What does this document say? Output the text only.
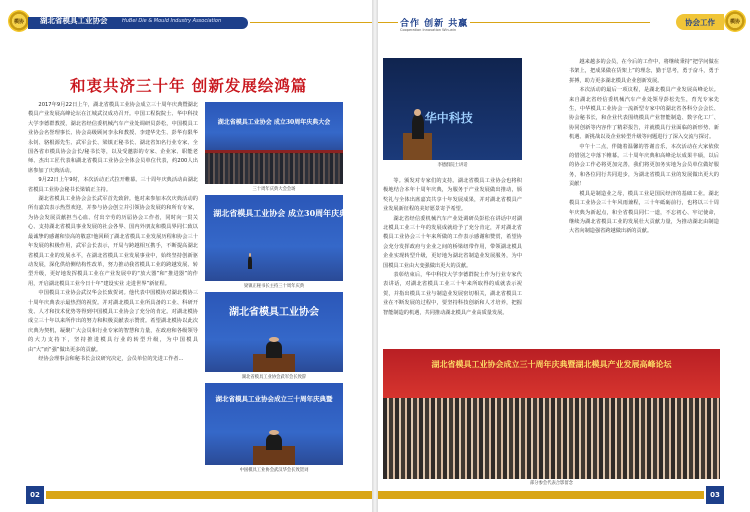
模协 湖北省模具工业协会	HuBei Die & Mould Industry Association
和衷共济三十年 创新发展绘鸿篇

2017年9月22日上午，湖北省模具工业协会成立三十周年庆典暨湖北模具产业发展高峰论坛在江城武汉成功召开。中国工程院院士、华中科技大学李德群教授，湖北省经信委机械汽车产业处调研员彭松，中国模具工业协会名誉理事长、协会高级顾问李永和教授、李建华先生、彭华有限华永钊、骆根源先生、武军会长、梁镇正秘书长、湖北省知名行业专家、全国各省市模具协会会长/秘书长等，以及受邀影的专家、企业家、职能老师、杰出工匠代表和湖北省模具工业协会全体会员单位代表，约200人出席参加了庆典活动。

9月22日上午9时，本次活动正式拉开帷幕。三十周年庆典活动由湖北省模具工业协会秘书长梁镇正主持。

湖北省模具工业协会会长武军首先致辞。他对来参加本次庆典活动的所有嘉宾表示热烈欢迎，并参与协会创立并引领协会发展的和所有专家，为协会发展贡献担当心血、付出辛劳的历届协会工作者，同时向一贯关心、支持湖北省模具事业发展的社会各界、国内外朋友和模具界同仁致以最诚挚的感谢和崇高的敬意!他回顾了湖北省模具工业发展历程和协会三十年发展的积极作用，武军会长表示，开局与跨越相互携手，不断提高湖北省模具工业的发展水平，在湖北省模具工业发展事业中，始终坚持创新驱动发展，深化供给侧结构性改革，努力推动我省模具工业的跨越发展、转型升级，更好地发挥模具工业在产业发展中的“放大器”和“推进器”的作用，开启湖北模具工业今日十年“建设实业 走进世界”新征程。

中国模具工业协会武汉华会长致贺词。他代表中国模协对湖北模协三十周年庆典表示最热烈的祝贺。并对湖北模具工业所具备的工业、科研开发、人才和技术优势等得到中国模具工业协会了充分的肯定。对湖北模协成立三十年以来所作出的努力和积极贡献表示赞赏。希望湖北模协以此次庆典为契机，凝聚广大会员和行业专家的智慧和力量，在政府和各级领导的大力支持下，坚持推进模具行业的转型升级，为中国模具由“大”而“强”做出更多的贡献。

经协会理事会和秘书长会议研究决定，会员单位的先进工作者...

湖北省模具工业协会 成立30周年庆典大会
三十周年庆典大会会场
湖北省模具工业协会 成立30周年庆典大会
梁镇正秘书长主持三十周年庆典
湖北省模具工业协会
湖北省模具工业协会武军会长致辞
湖北省模具工业协会成立三十周年庆典暨
中国模具工业协会武汉华会长致贺词
02
合作 创新 共赢
Cooperation Innovation Win-win
协会工作	模协
华中科技
李德群院士讲话

等。颁发对专家们的支持。湖北省模具工业协会也将积极地结合本年十周年庆典，为服务于产业发展做出推动，颁奖礼与全体出席嘉宾共享十年发展成果，并对湖北省模具产业发展新征程的美好愿景寄予希望。

湖北省经信委机械汽车产业处调研员彭松在讲话中对湖北模具工业三十年的发展成就给予了充分肯定，并对湖北省模具工业协会三十年来所做的工作表示感谢和赞赏，希望协会充分发挥政府与企业之间的桥梁纽带作用，带领湖北模具企业实现转型升级，更好地为湖北省制造业发展服务，为中国模具工业由大变强做出更大的贡献。

表彰结束后，华中科技大学李德群院士作为行业专家代表讲话，对湖北省模具工业三十年来所取得的成就表示祝贺，并指出模具工业与制造业发展密切相关，湖北省模具工业在不断发展的过程中，要坚持科技创新和人才培养，把握智能制造的机遇，共同推动湖北模具产业高质量发展。

越来越多的会员，在今后的工作中，将继续秉持“把学问做在书架上，把成果做在货架上”的理念，勤于思考，勇于奋斗，勇于拼搏，助力更多湖北模具企业创新发展。

本次活动的最后一项议程，是湖北模具产业发展高峰论坛。来自湖北省经信委机械汽车产业处领导彭松先生，育光专家先生，中华模具工业协会一流新型专家中的湖北省各科分会会长、协会秘书长，和企业代表围绕模具产业智能制造、数字化工厂、协同创新等内容作了精彩报告，并就模具行业面临的新形势、新机遇、新挑战以及企业转型升级等问题进行了深入交流与探讨。

中午十二点，伴随着温馨的答谢音乐，本次活动在大家依依的惜别之中落下帷幕。三十周年庆典和高峰论坛成果丰硕，以后的协会工作必将更加完善，我们将更加务实地为会员单位做好服务，和各位同行共同进步，为湖北省模具工业的发展做出更大的贡献！

模具是制造业之母，模具工业是国民经济的基础工业。湖北模具工业协会三十年风雨兼程，三十年砥砺前行，也将以三十周年庆典为新起点，和全省模具同仁一道，不忘初心、牢记使命，继续为湖北省模具工业的发展壮大贡献力量，为推动湖北由制造大省向制造强省跨越做出新的贡献。

湖北省模具工业协会成立三十周年庆典暨湖北模具产业发展高峰论坛
部分参会代表合影留念
03
